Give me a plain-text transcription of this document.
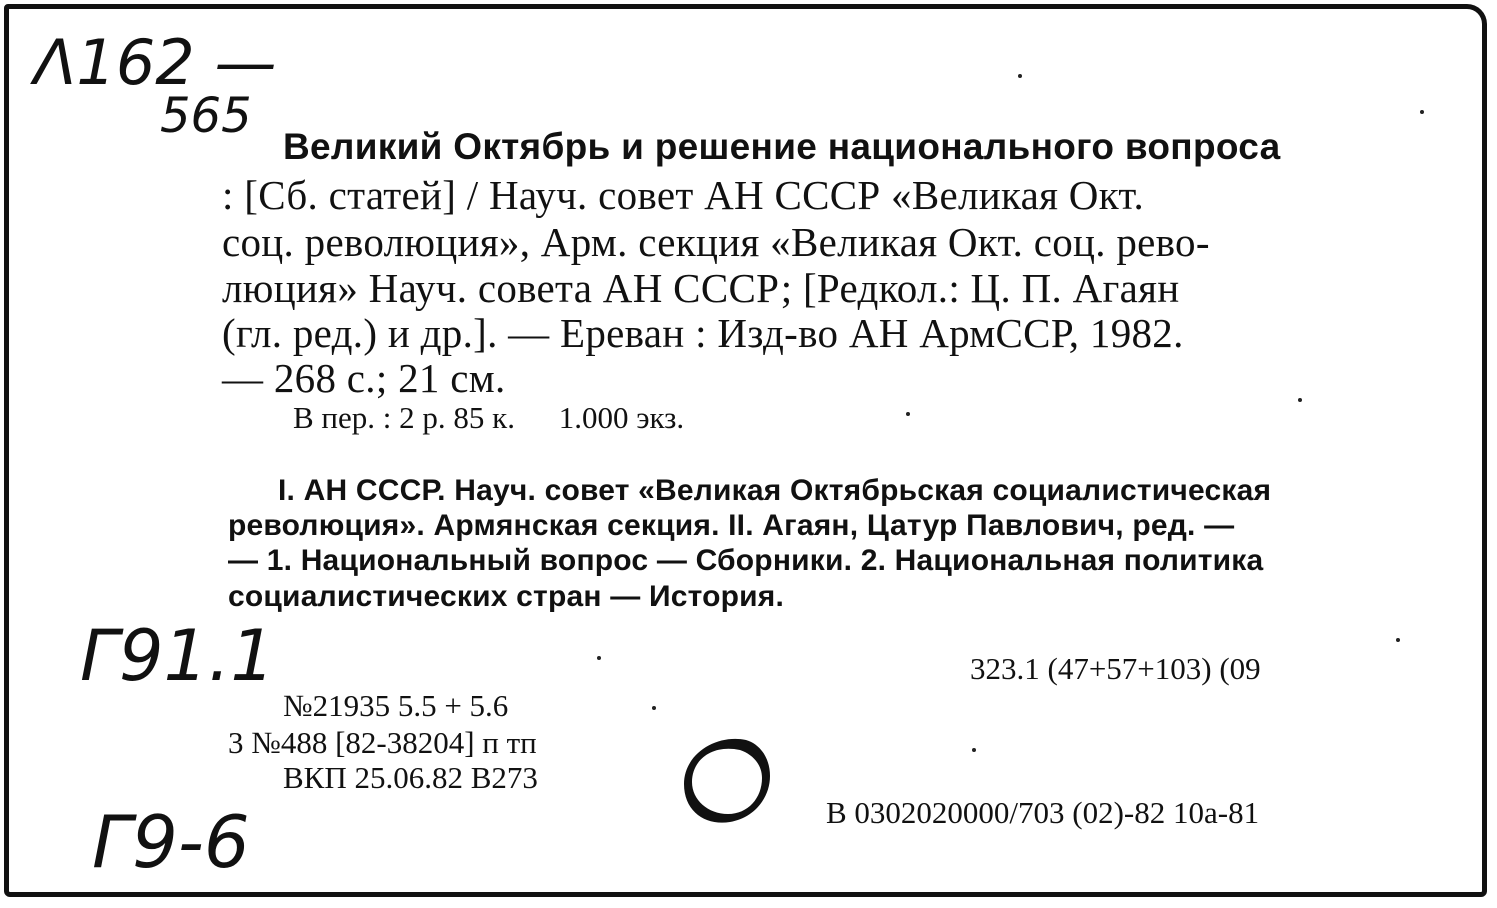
Λ162 —
565
Г91.1
Г9-6
Великий Октябрь и решение национального вопроса
: [Сб. статей] / Науч. совет АН СССР «Великая Окт.
соц. революция», Арм. секция «Великая Окт. соц. рево-
люция» Науч. совета АН СССР; [Редкол.: Ц. П. Агаян
(гл. ред.) и др.]. — Ереван : Изд-во АН АрмССР, 1982.
— 268 с.; 21 см.
В пер. : 2 р. 85 к. 1.000 экз.
I. АН СССР. Науч. совет «Великая Октябрьская социалистическая
революция». Армянская секция. II. Агаян, Цатур Павлович, ред. —
— 1. Национальный вопрос — Сборники. 2. Национальная политика
социалистических стран — История.
323.1 (47+57+103) (09
№21935 5.5 + 5.6
3 №488 [82-38204] п тп
ВКП 25.06.82 В273
В 0302020000/703 (02)-82 10а-81
